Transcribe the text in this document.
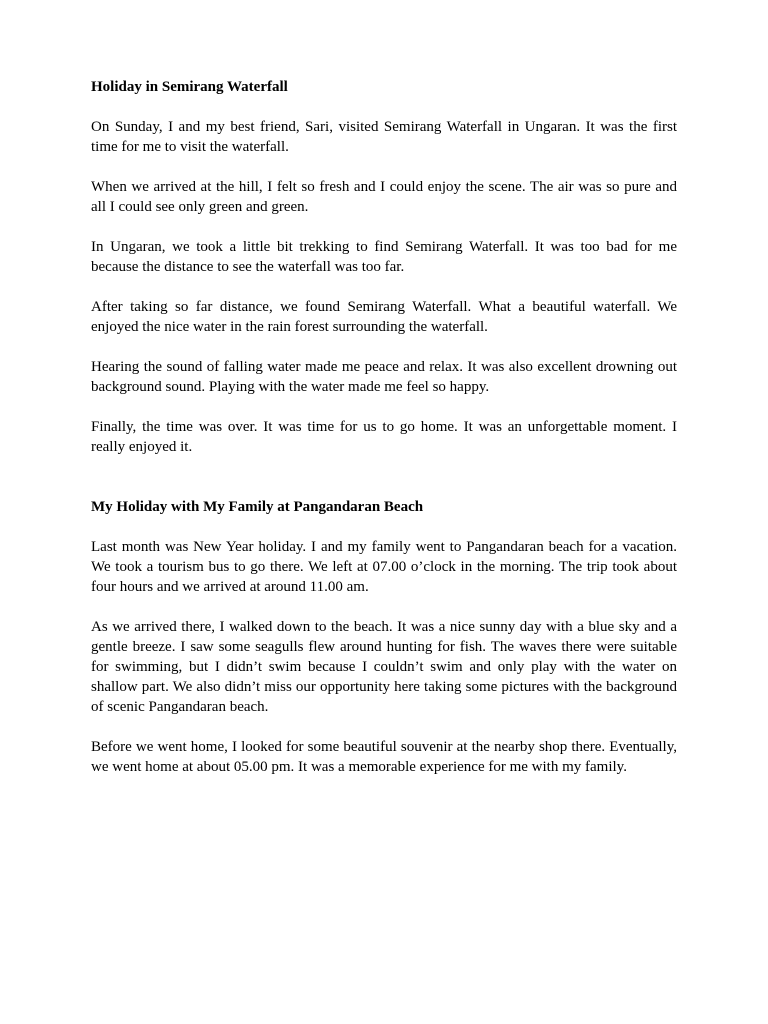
Holiday in Semirang Waterfall

On Sunday, I and my best friend, Sari, visited Semirang Waterfall in Ungaran. It was the first time for me to visit the waterfall.

When we arrived at the hill, I felt so fresh and I could enjoy the scene. The air was so pure and all I could see only green and green.

In Ungaran, we took a little bit trekking to find Semirang Waterfall. It was too bad for me because the distance to see the waterfall was too far.

After taking so far distance, we found Semirang Waterfall. What a beautiful waterfall. We enjoyed the nice water in the rain forest surrounding the waterfall.

Hearing the sound of falling water made me peace and relax. It was also excellent drowning out background sound. Playing with the water made me feel so happy.

Finally, the time was over. It was time for us to go home. It was an unforgettable moment. I really enjoyed it.

My Holiday with My Family at Pangandaran Beach

Last month was New Year holiday. I and my family went to Pangandaran beach for a vacation. We took a tourism bus to go there. We left at 07.00 o’clock in the morning. The trip took about four hours and we arrived at around 11.00 am.

As we arrived there, I walked down to the beach. It was a nice sunny day with a blue sky and a gentle breeze. I saw some seagulls flew around hunting for fish. The waves there were suitable for swimming, but I didn’t swim because I couldn’t swim and only play with the water on shallow part. We also didn’t miss our opportunity here taking some pictures with the background of scenic Pangandaran beach.

Before we went home, I looked for some beautiful souvenir at the nearby shop there. Eventually, we went home at about 05.00 pm. It was a memorable experience for me with my family.
